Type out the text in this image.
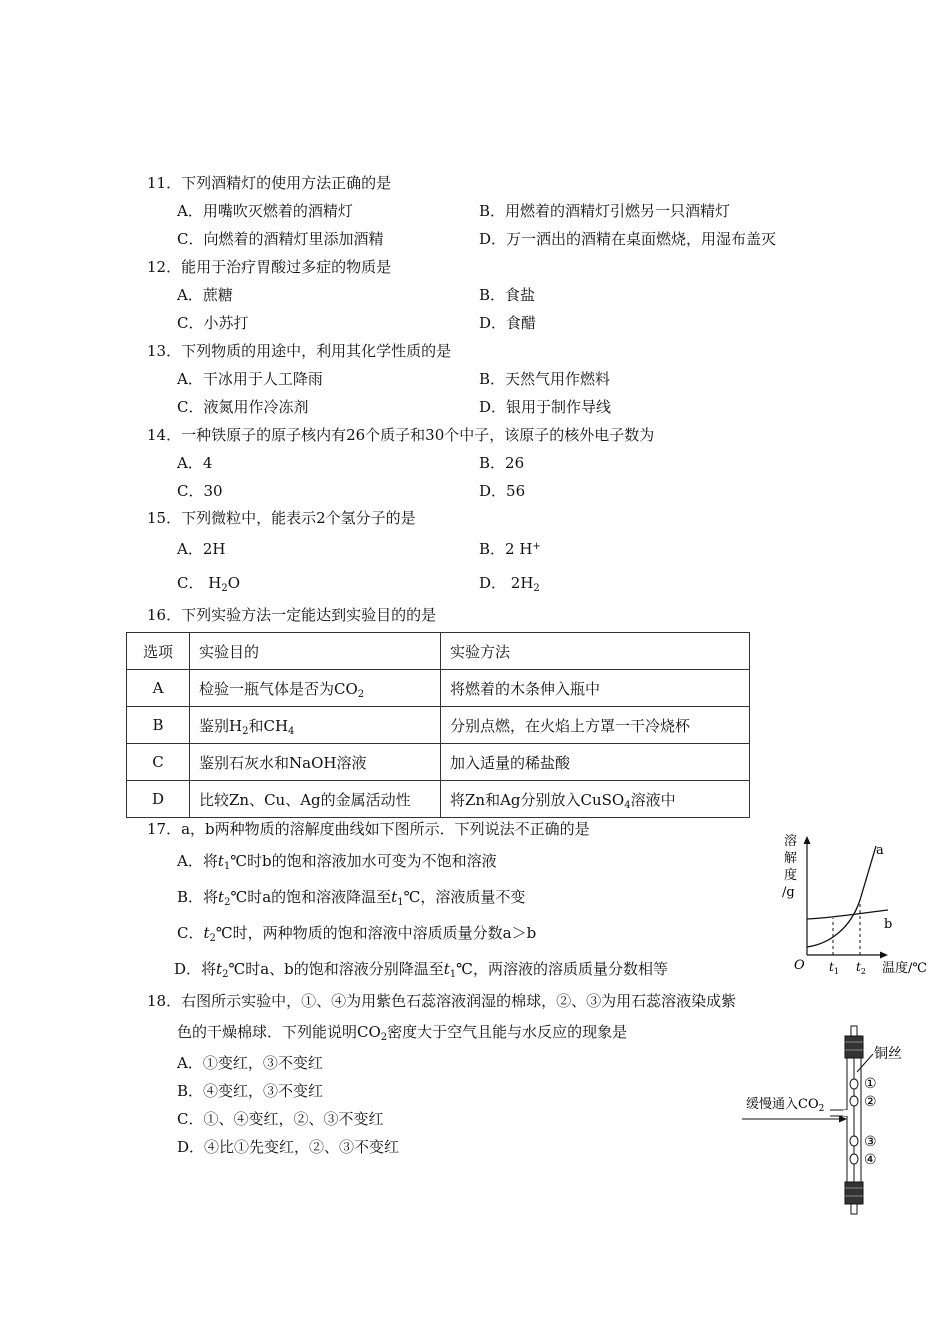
11．下列酒精灯的使用方法正确的是
A．用嘴吹灭燃着的酒精灯	B．用燃着的酒精灯引燃另一只酒精灯
C．向燃着的酒精灯里添加酒精	D．万一洒出的酒精在桌面燃烧，用湿布盖灭
12．能用于治疗胃酸过多症的物质是
A．蔗糖	B．食盐
C．小苏打	D．食醋
13．下列物质的用途中，利用其化学性质的是
A．干冰用于人工降雨	B．天然气用作燃料
C．液氮用作冷冻剂	D．银用于制作导线
14．一种铁原子的原子核内有26个质子和30个中子，该原子的核外电子数为
A．4	B．26
C．30	D．56
15．下列微粒中，能表示2个氢分子的是
A．2H	B．2 H+
C． $H_2O$	D． $2H_2$
16．下列实验方法一定能达到实验目的的是
选项	实验目的	实验方法
A	检验一瓶气体是否为$CO_2$	将燃着的木条伸入瓶中
B	鉴别$H_2$和$CH_4$	分别点燃，在火焰上方罩一干冷烧杯
C	鉴别石灰水和NaOH溶液	加入适量的稀盐酸
D	比较Zn、Cu、Ag的金属活动性	将Zn和Ag分别放入CuSO$_4$溶液中
17．a，b两种物质的溶解度曲线如下图所示．下列说法不正确的是
A．将$t_1℃$时b的饱和溶液加水可变为不饱和溶液
B．将$t_2℃$时a的饱和溶液降温至$t_1℃$，溶液质量不变
C．$t_2℃$时，两种物质的饱和溶液中溶质质量分数a＞b
D．将$t_2℃$时a、b的饱和溶液分别降温至$t_1℃$，两溶液的溶质质量分数相等
溶
解
度
/g
a
b
O $t_1$ $t_2$ 温度/℃
18．右图所示实验中，①、④为用紫色石蕊溶液润湿的棉球，②、③为用石蕊溶液染成紫
色的干燥棉球．下列能说明$CO_2$密度大于空气且能与水反应的现象是
A．①变红，③不变红
B．④变红，③不变红
C．①、④变红，②、③不变红
D．④比①先变红，②、③不变红
铜丝
①
②
③
④
缓慢通入$CO_2$
